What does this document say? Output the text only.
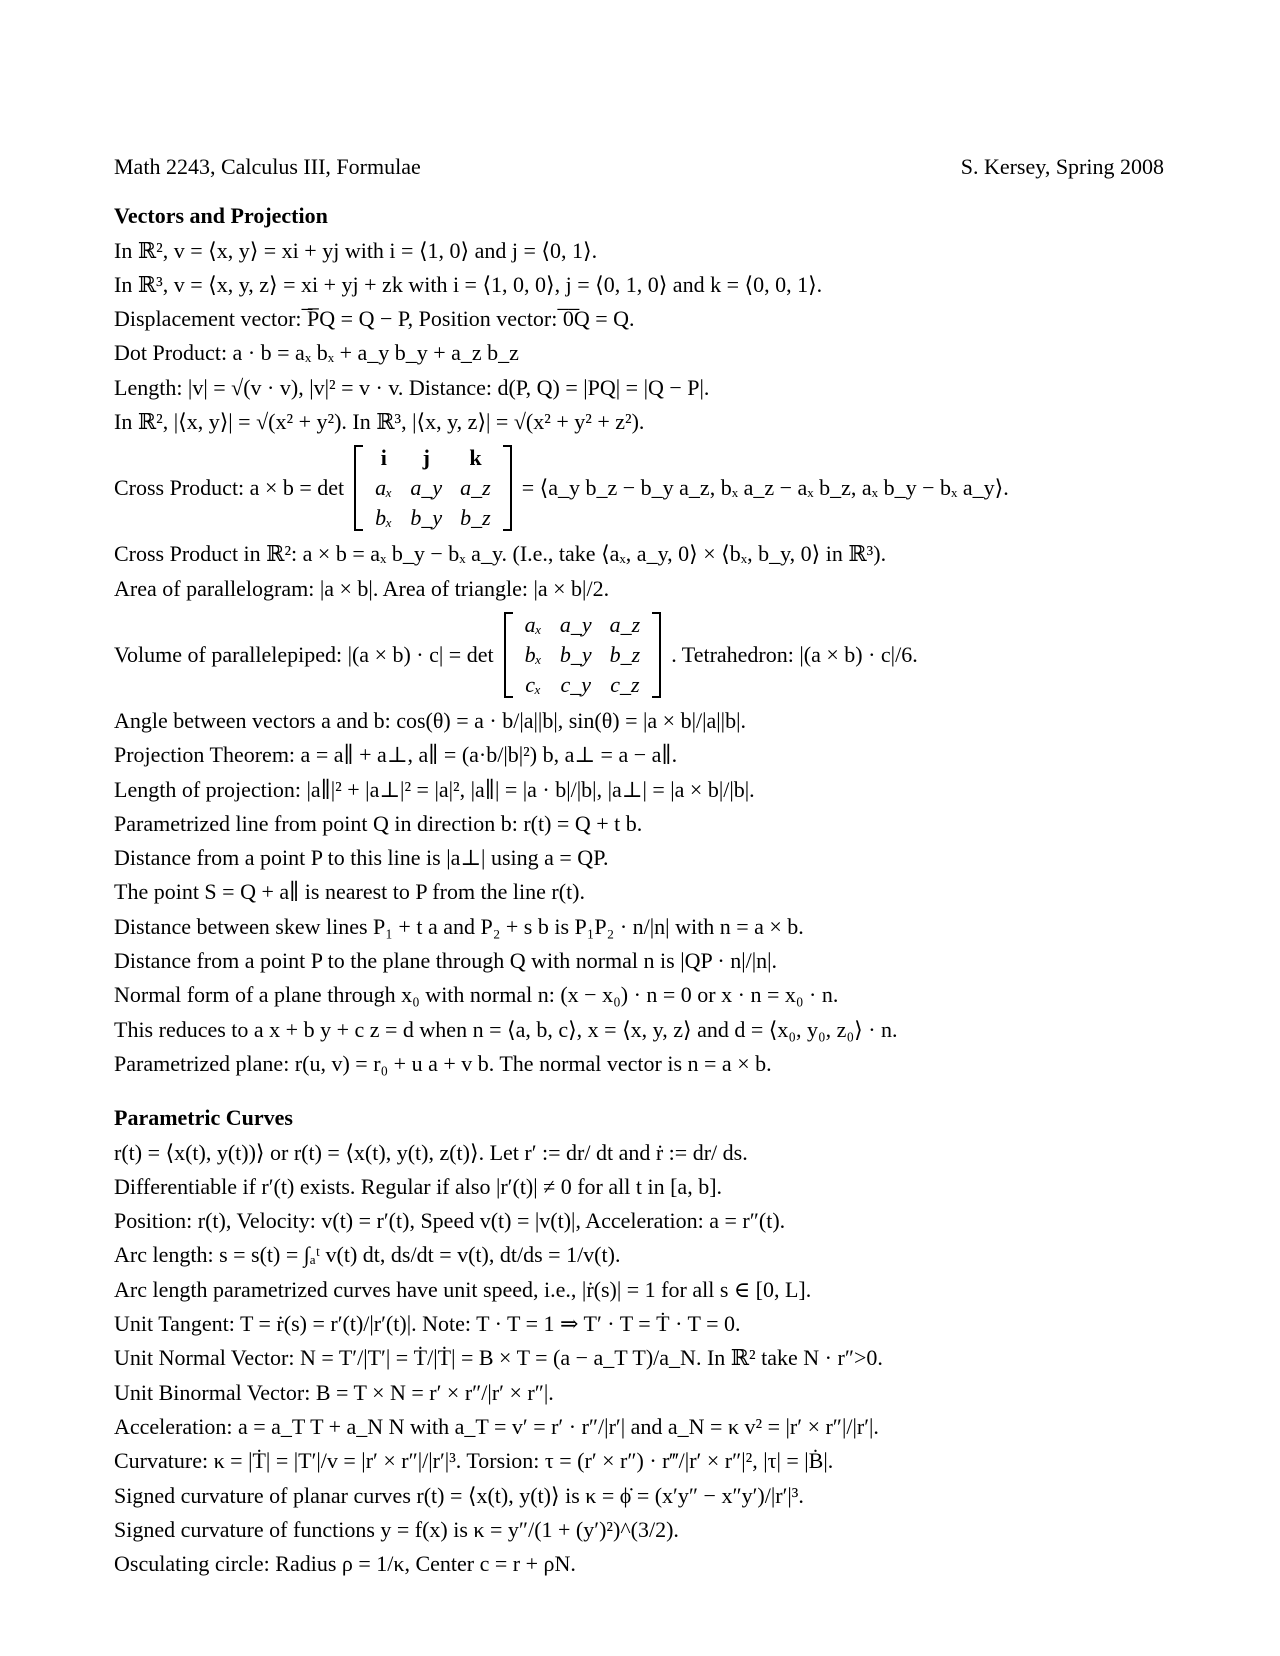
Math 2243, Calculus III, Formulae	S. Kersey, Spring 2008
Vectors and Projection
In ℝ², v = ⟨x, y⟩ = xi + yj with i = ⟨1, 0⟩ and j = ⟨0, 1⟩.
In ℝ³, v = ⟨x, y, z⟩ = xi + yj + zk with i = ⟨1, 0, 0⟩, j = ⟨0, 1, 0⟩ and k = ⟨0, 0, 1⟩.
Displacement vector: ̅P̅Q = Q − P, Position vector: ̅0̅Q = Q.
Dot Product: a · b = aₓ bₓ + a_y b_y + a_z b_z
Length: |v| = √(v · v), |v|² = v · v. Distance: d(P, Q) = |PQ| = |Q − P|.
In ℝ², |⟨x, y⟩| = √(x² + y²). In ℝ³, |⟨x, y, z⟩| = √(x² + y² + z²).
Cross Product: a × b = det
i	j	k
aₓ	a_y	a_z
bₓ	b_y	b_z
= ⟨a_y b_z − b_y a_z, bₓ a_z − aₓ b_z, aₓ b_y − bₓ a_y⟩.
Cross Product in ℝ²: a × b = aₓ b_y − bₓ a_y. (I.e., take ⟨aₓ, a_y, 0⟩ × ⟨bₓ, b_y, 0⟩ in ℝ³).
Area of parallelogram: |a × b|. Area of triangle: |a × b|/2.
Volume of parallelepiped: |(a × b) · c| = det
aₓ	a_y	a_z
bₓ	b_y	b_z
cₓ	c_y	c_z
. Tetrahedron: |(a × b) · c|/6.
Angle between vectors a and b: cos(θ) = a · b/|a||b|, sin(θ) = |a × b|/|a||b|.
Projection Theorem: a = a∥ + a⊥, a∥ = (a·b/|b|²) b, a⊥ = a − a∥.
Length of projection: |a∥|² + |a⊥|² = |a|², |a∥| = |a · b|/|b|, |a⊥| = |a × b|/|b|.
Parametrized line from point Q in direction b: r(t) = Q + t b.
Distance from a point P to this line is |a⊥| using a = QP.
The point S = Q + a∥ is nearest to P from the line r(t).
Distance between skew lines P₁ + t a and P₂ + s b is P₁P₂ · n/|n| with n = a × b.
Distance from a point P to the plane through Q with normal n is |QP · n|/|n|.
Normal form of a plane through x₀ with normal n: (x − x₀) · n = 0 or x · n = x₀ · n.
This reduces to a x + b y + c z = d when n = ⟨a, b, c⟩, x = ⟨x, y, z⟩ and d = ⟨x₀, y₀, z₀⟩ · n.
Parametrized plane: r(u, v) = r₀ + u a + v b. The normal vector is n = a × b.
Parametric Curves
r(t) = ⟨x(t), y(t))⟩ or r(t) = ⟨x(t), y(t), z(t)⟩. Let r′ := dr/ dt and ṙ := dr/ ds.
Differentiable if r′(t) exists. Regular if also |r′(t)| ≠ 0 for all t in [a, b].
Position: r(t), Velocity: v(t) = r′(t), Speed v(t) = |v(t)|, Acceleration: a = r″(t).
Arc length: s = s(t) = ∫ₐᵗ v(t) dt, ds/dt = v(t), dt/ds = 1/v(t).
Arc length parametrized curves have unit speed, i.e., |ṙ(s)| = 1 for all s ∈ [0, L].
Unit Tangent: T = ṙ(s) = r′(t)/|r′(t)|. Note: T · T = 1 ⇒ T′ · T = Ṫ · T = 0.
Unit Normal Vector: N = T′/|T′| = Ṫ/|Ṫ| = B × T = (a − a_T T)/a_N. In ℝ² take N · r″>0.
Unit Binormal Vector: B = T × N = r′ × r″/|r′ × r″|.
Acceleration: a = a_T T + a_N N with a_T = v′ = r′ · r″/|r′| and a_N = κ v² = |r′ × r″|/|r′|.
Curvature: κ = |Ṫ| = |T′|/v = |r′ × r″|/|r′|³. Torsion: τ = (r′ × r″) · r‴/|r′ × r″|², |τ| = |Ḃ|.
Signed curvature of planar curves r(t) = ⟨x(t), y(t)⟩ is κ = ϕ̇ = (x′y″ − x″y′)/|r′|³.
Signed curvature of functions y = f(x) is κ = y″/(1 + (y′)²)^(3/2).
Osculating circle: Radius ρ = 1/κ, Center c = r + ρN.
